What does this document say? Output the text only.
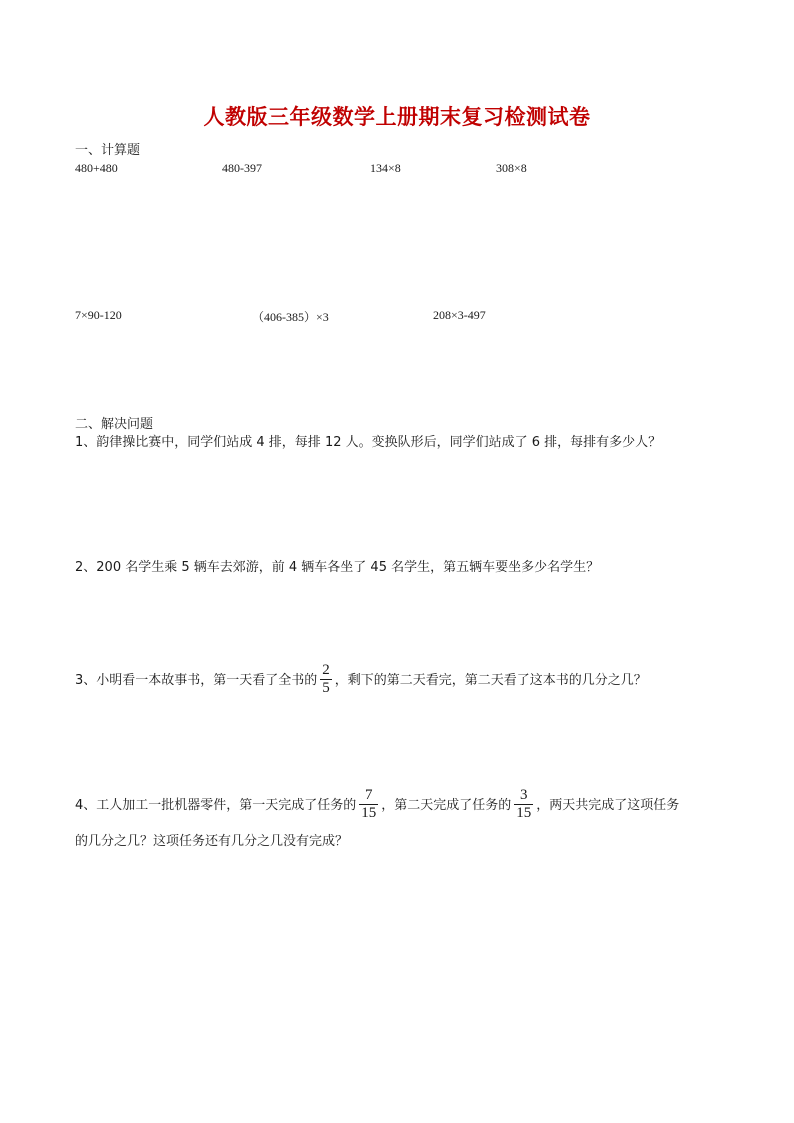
人教版三年级数学上册期末复习检测试卷
一、计算题
480+480	480-397	134×8	308×8
7×90-120	（406-385）×3	208×3-497
二、解决问题
1、韵律操比赛中，同学们站成 4 排，每排 12 人。变换队形后，同学们站成了 6 排，每排有多少人？
2、200 名学生乘 5 辆车去郊游，前 4 辆车各坐了 45 名学生，第五辆车要坐多少名学生？
3、小明看一本故事书，第一天看了全书的 $\frac{2}{5}$ ，剩下的第二天看完，第二天看了这本书的几分之几？
4、工人加工一批机器零件，第一天完成了任务的 $\frac{7}{15}$ ，第二天完成了任务的 $\frac{3}{15}$ ，两天共完成了这项任务
的几分之几？这项任务还有几分之几没有完成？
